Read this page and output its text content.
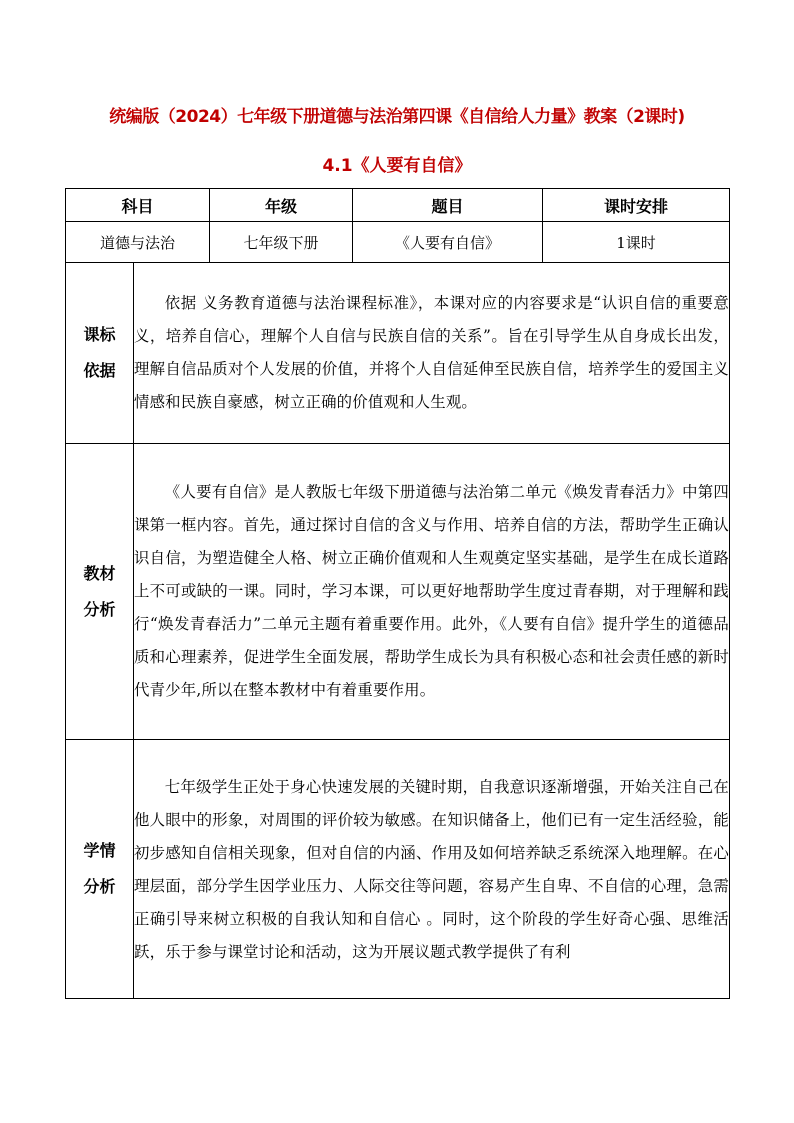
统编版（2024）七年级下册道德与法治第四课《自信给人力量》教案（2课时)
4.1《人要有自信》
科目		年级	题目	课时安排
道德与法治		七年级下册	《人要有自信》	1课时

课标
依据	依据 义务教育道德与法治课程标准》，本课对应的内容要求是“认识自信的重要意义，培养自信心，理解个人自信与民族自信的关系”。旨在引导学生从自身成长出发，理解自信品质对个人发展的价值，并将个人自信延伸至民族自信，培养学生的爱国主义情感和民族自豪感，树立正确的价值观和人生观。			

教材
分析	《人要有自信》是人教版七年级下册道德与法治第二单元《焕发青春活力》中第四课第一框内容。首先，通过探讨自信的含义与作用、培养自信的方法，帮助学生正确认识自信，为塑造健全人格、树立正确价值观和人生观奠定坚实基础，是学生在成长道路上不可或缺的一课。同时，学习本课，可以更好地帮助学生度过青春期，对于理解和践行“焕发青春活力”二单元主题有着重要作用。此外，《人要有自信》提升学生的道德品质和心理素养，促进学生全面发展，帮助学生成长为具有积极心态和社会责任感的新时代青少年,所以在整本教材中有着重要作用。			

学情
分析	七年级学生正处于身心快速发展的关键时期，自我意识逐渐增强，开始关注自己在他人眼中的形象，对周围的评价较为敏感。在知识储备上，他们已有一定生活经验，能初步感知自信相关现象，但对自信的内涵、作用及如何培养缺乏系统深入地理解。在心理层面，部分学生因学业压力、人际交往等问题，容易产生自卑、不自信的心理，急需正确引导来树立积极的自我认知和自信心 。同时，这个阶段的学生好奇心强、思维活跃，乐于参与课堂讨论和活动，这为开展议题式教学提供了有利			
